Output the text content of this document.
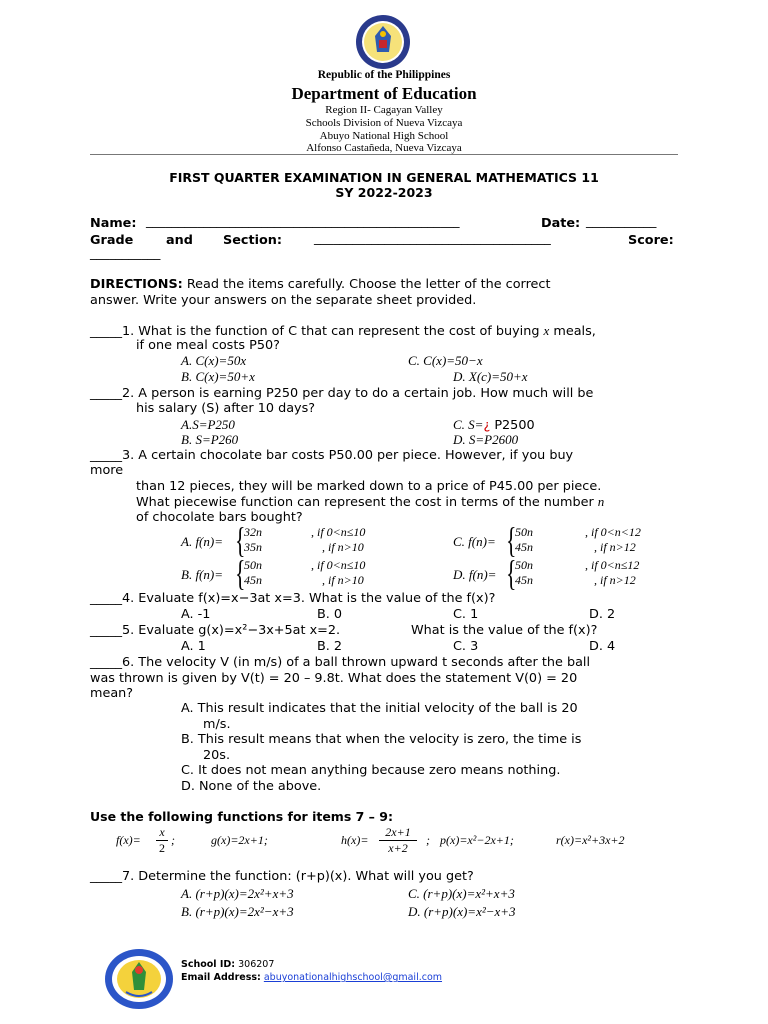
Republic of the Philippines
Department of Education
Region II- Cagayan Valley
Schools Division of Nueva Vizcaya
Abuyo National High School
Alfonso Castañeda, Nueva Vizcaya
FIRST QUARTER EXAMINATION IN GENERAL MATHEMATICS 11
SY 2022-2023
Name: _________________________________________________	Date: ___________
Grade	and Section: _____________________________________	Score:
___________
DIRECTIONS: Read the items carefully. Choose the letter of the correct
answer. Write your answers on the separate sheet provided.
_____1. What is the function of C that can represent the cost of buying x meals,
if one meal costs P50?
A. C(x)=50x
B. C(x)=50+x
C. C(x)=50−x
D. X(c)=50+x
_____2. A person is earning P250 per day to do a certain job. How much will be
his salary (S) after 10 days?
A.S=P250
B. S=P260
C. S=¿ P2500
D. S=P2600
_____3. A certain chocolate bar costs P50.00 per piece. However, if you buy
more
than 12 pieces, they will be marked down to a price of P45.00 per piece.
What piecewise function can represent the cost in terms of the number n
of chocolate bars bought?
A. f(n)= {
32n	, if 0<n≤10
35n	, if n>10	C. f(n)= {
50n	, if 0<n<12
45n	, if n>12
B. f(n)= {
50n	, if 0<n≤10
45n	, if n>10	D. f(n)= {
50n	, if 0<n≤12
45n	, if n>12
_____4. Evaluate f(x)=x−3at x=3. What is the value of the f(x)?
A. -1	B. 0	C. 1	D. 2
_____5. Evaluate g(x)=x²−3x+5at x=2.	What is the value of the f(x)?
A. 1	B. 2	C. 3	D. 4
_____6. The velocity V (in m/s) of a ball thrown upward t seconds after the ball
was thrown is given by V(t) = 20 – 9.8t. What does the statement V(0) = 20
mean?
A. This result indicates that the initial velocity of the ball is 20
m/s.
B. This result means that when the velocity is zero, the time is
20s.
C. It does not mean anything because zero means nothing.
D. None of the above.
Use the following functions for items 7 – 9:
f(x)=
x
2
;	g(x)=2x+1;	h(x)=
2x+1
x+2
; p(x)=x²−2x+1;	r(x)=x²+3x+2
_____7. Determine the function: (r+p)(x). What will you get?
A. (r+p)(x)=2x²+x+3
B. (r+p)(x)=2x²−x+3
C. (r+p)(x)=x²+x+3
D. (r+p)(x)=x²−x+3
School ID: 306207
Email Address: abuyonationalhighschool@gmail.com
